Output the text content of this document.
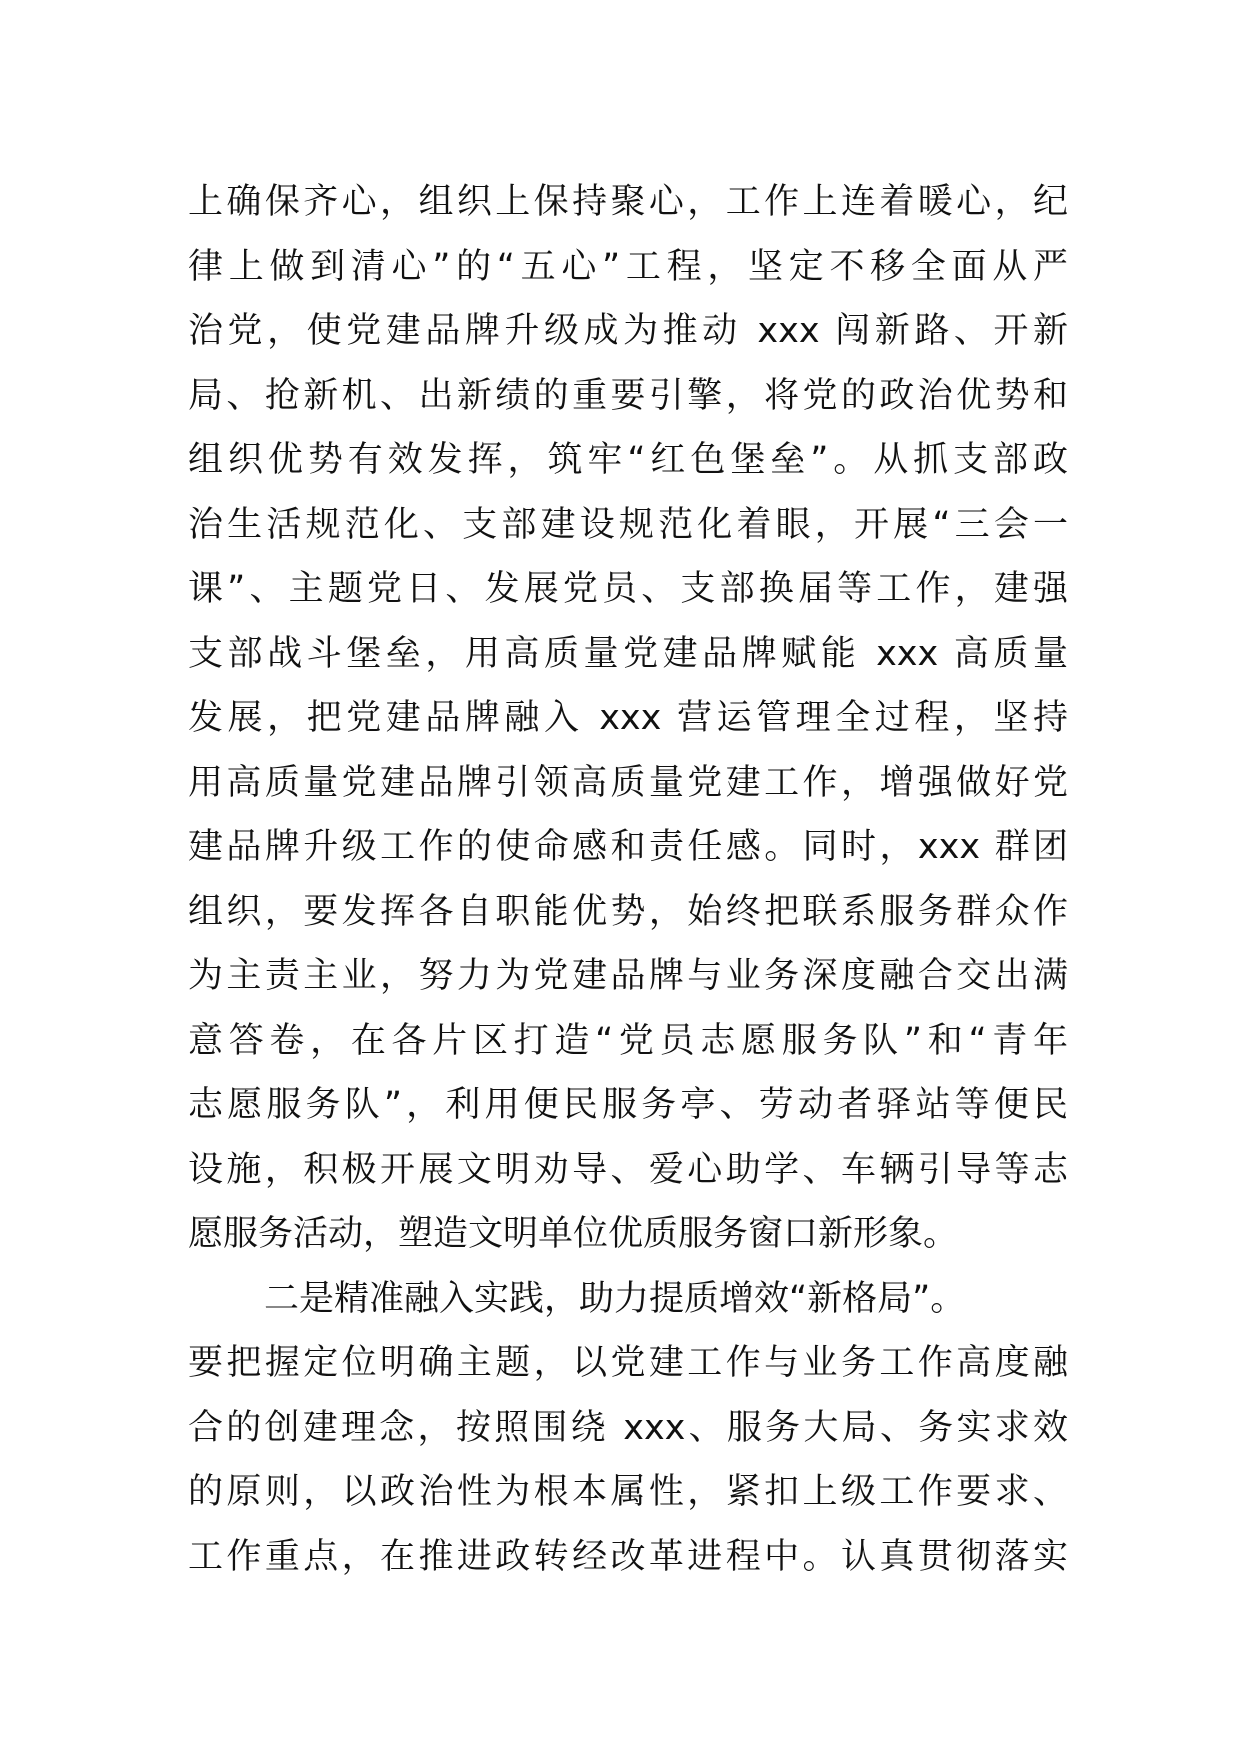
上确保齐心，组织上保持聚心，工作上连着暖心，纪
律上做到清心”的“五心”工程，坚定不移全面从严
治党，使党建品牌升级成为推动 xxx 闯新路、开新
局、抢新机、出新绩的重要引擎，将党的政治优势和
组织优势有效发挥，筑牢“红色堡垒”。从抓支部政
治生活规范化、支部建设规范化着眼，开展“三会一
课”、主题党日、发展党员、支部换届等工作，建强
支部战斗堡垒，用高质量党建品牌赋能 xxx 高质量
发展，把党建品牌融入 xxx 营运管理全过程，坚持
用高质量党建品牌引领高质量党建工作，增强做好党
建品牌升级工作的使命感和责任感。同时，xxx 群团
组织，要发挥各自职能优势，始终把联系服务群众作
为主责主业，努力为党建品牌与业务深度融合交出满
意答卷，在各片区打造“党员志愿服务队”和“青年
志愿服务队”，利用便民服务亭、劳动者驿站等便民
设施，积极开展文明劝导、爱心助学、车辆引导等志
愿服务活动，塑造文明单位优质服务窗口新形象。
二是精准融入实践，助力提质增效“新格局”。
要把握定位明确主题，以党建工作与业务工作高度融
合的创建理念，按照围绕 xxx、服务大局、务实求效
的原则，以政治性为根本属性，紧扣上级工作要求、
工作重点，在推进政转经改革进程中。认真贯彻落实
